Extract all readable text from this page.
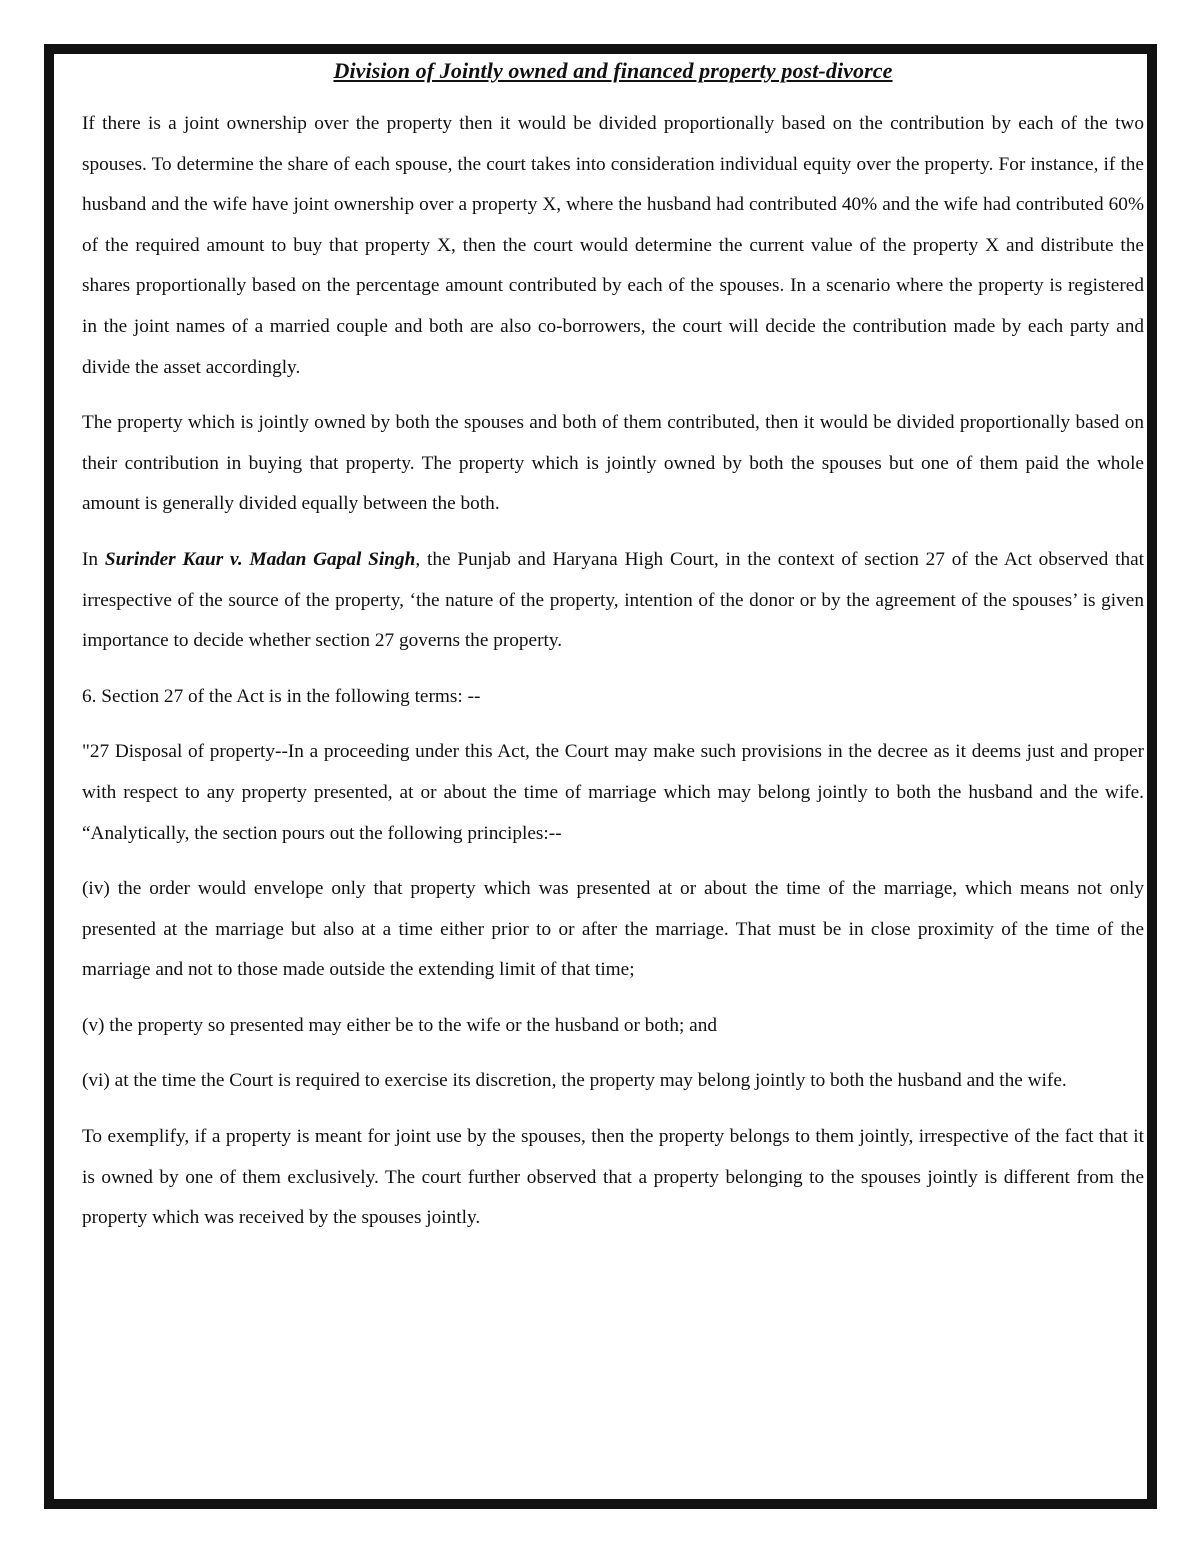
Division of Jointly owned and financed property post-divorce

If there is a joint ownership over the property then it would be divided proportionally based on the contribution by each of the two spouses. To determine the share of each spouse, the court takes into consideration individual equity over the property. For instance, if the husband and the wife have joint ownership over a property X, where the husband had contributed 40% and the wife had contributed 60% of the required amount to buy that property X, then the court would determine the current value of the property X and distribute the shares proportionally based on the percentage amount contributed by each of the spouses. In a scenario where the property is registered in the joint names of a married couple and both are also co-borrowers, the court will decide the contribution made by each party and divide the asset accordingly.

The property which is jointly owned by both the spouses and both of them contributed, then it would be divided proportionally based on their contribution in buying that property. The property which is jointly owned by both the spouses but one of them paid the whole amount is generally divided equally between the both.

In Surinder Kaur v. Madan Gapal Singh, the Punjab and Haryana High Court, in the context of section 27 of the Act observed that irrespective of the source of the property, ‘the nature of the property, intention of the donor or by the agreement of the spouses’ is given importance to decide whether section 27 governs the property.

6. Section 27 of the Act is in the following terms: --

"27 Disposal of property--In a proceeding under this Act, the Court may make such provisions in the decree as it deems just and proper with respect to any property presented, at or about the time of marriage which may belong jointly to both the husband and the wife. “Analytically, the section pours out the following principles:--

(iv) the order would envelope only that property which was presented at or about the time of the marriage, which means not only presented at the marriage but also at a time either prior to or after the marriage. That must be in close proximity of the time of the marriage and not to those made outside the extending limit of that time;

(v) the property so presented may either be to the wife or the husband or both; and

(vi) at the time the Court is required to exercise its discretion, the property may belong jointly to both the husband and the wife.

To exemplify, if a property is meant for joint use by the spouses, then the property belongs to them jointly, irrespective of the fact that it is owned by one of them exclusively. The court further observed that a property belonging to the spouses jointly is different from the property which was received by the spouses jointly.
